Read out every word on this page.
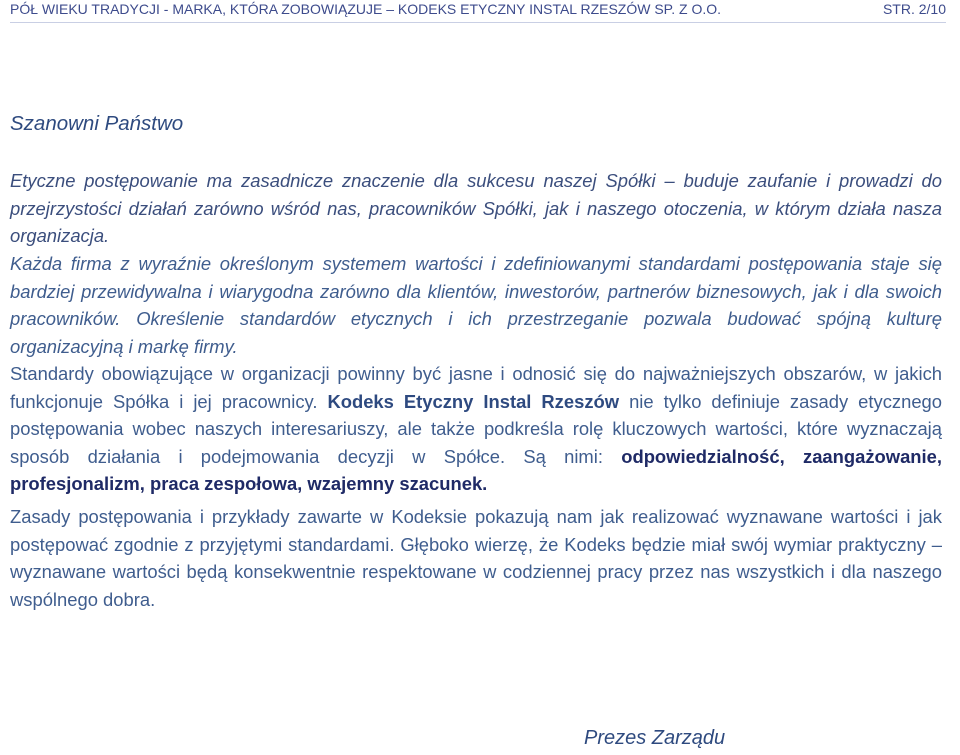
PÓŁ WIEKU TRADYCJI - MARKA, KTÓRA ZOBOWIĄZUJE – KODEKS ETYCZNY INSTAL RZESZÓW SP. Z O.O.	STR. 2/10
Szanowni Państwo
Etyczne postępowanie ma zasadnicze znaczenie dla sukcesu naszej Spółki – buduje zaufanie i prowadzi do przejrzystości działań zarówno wśród nas, pracowników Spółki, jak i naszego otoczenia, w którym działa nasza organizacja.
Każda firma z wyraźnie określonym systemem wartości i zdefiniowanymi standardami postępowania staje się bardziej przewidywalna i wiarygodna zarówno dla klientów, inwestorów, partnerów biznesowych, jak i dla swoich pracowników. Określenie standardów etycznych i ich przestrzeganie pozwala budować spójną kulturę organizacyjną i markę firmy.
Standardy obowiązujące w organizacji powinny być jasne i odnosić się do najważniejszych obszarów, w jakich funkcjonuje Spółka i jej pracownicy. Kodeks Etyczny Instal Rzeszów nie tylko definiuje zasady etycznego postępowania wobec naszych interesariuszy, ale także podkreśla rolę kluczowych wartości, które wyznaczają sposób działania i podejmowania decyzji w Spółce. Są nimi: odpowiedzialność, zaangażowanie, profesjonalizm, praca zespołowa, wzajemny szacunek.
Zasady postępowania i przykłady zawarte w Kodeksie pokazują nam jak realizować wyznawane wartości i jak postępować zgodnie z przyjętymi standardami. Głęboko wierzę, że Kodeks będzie miał swój wymiar praktyczny – wyznawane wartości będą konsekwentnie respektowane w codziennej pracy przez nas wszystkich i dla naszego wspólnego dobra.
Prezes Zarządu
